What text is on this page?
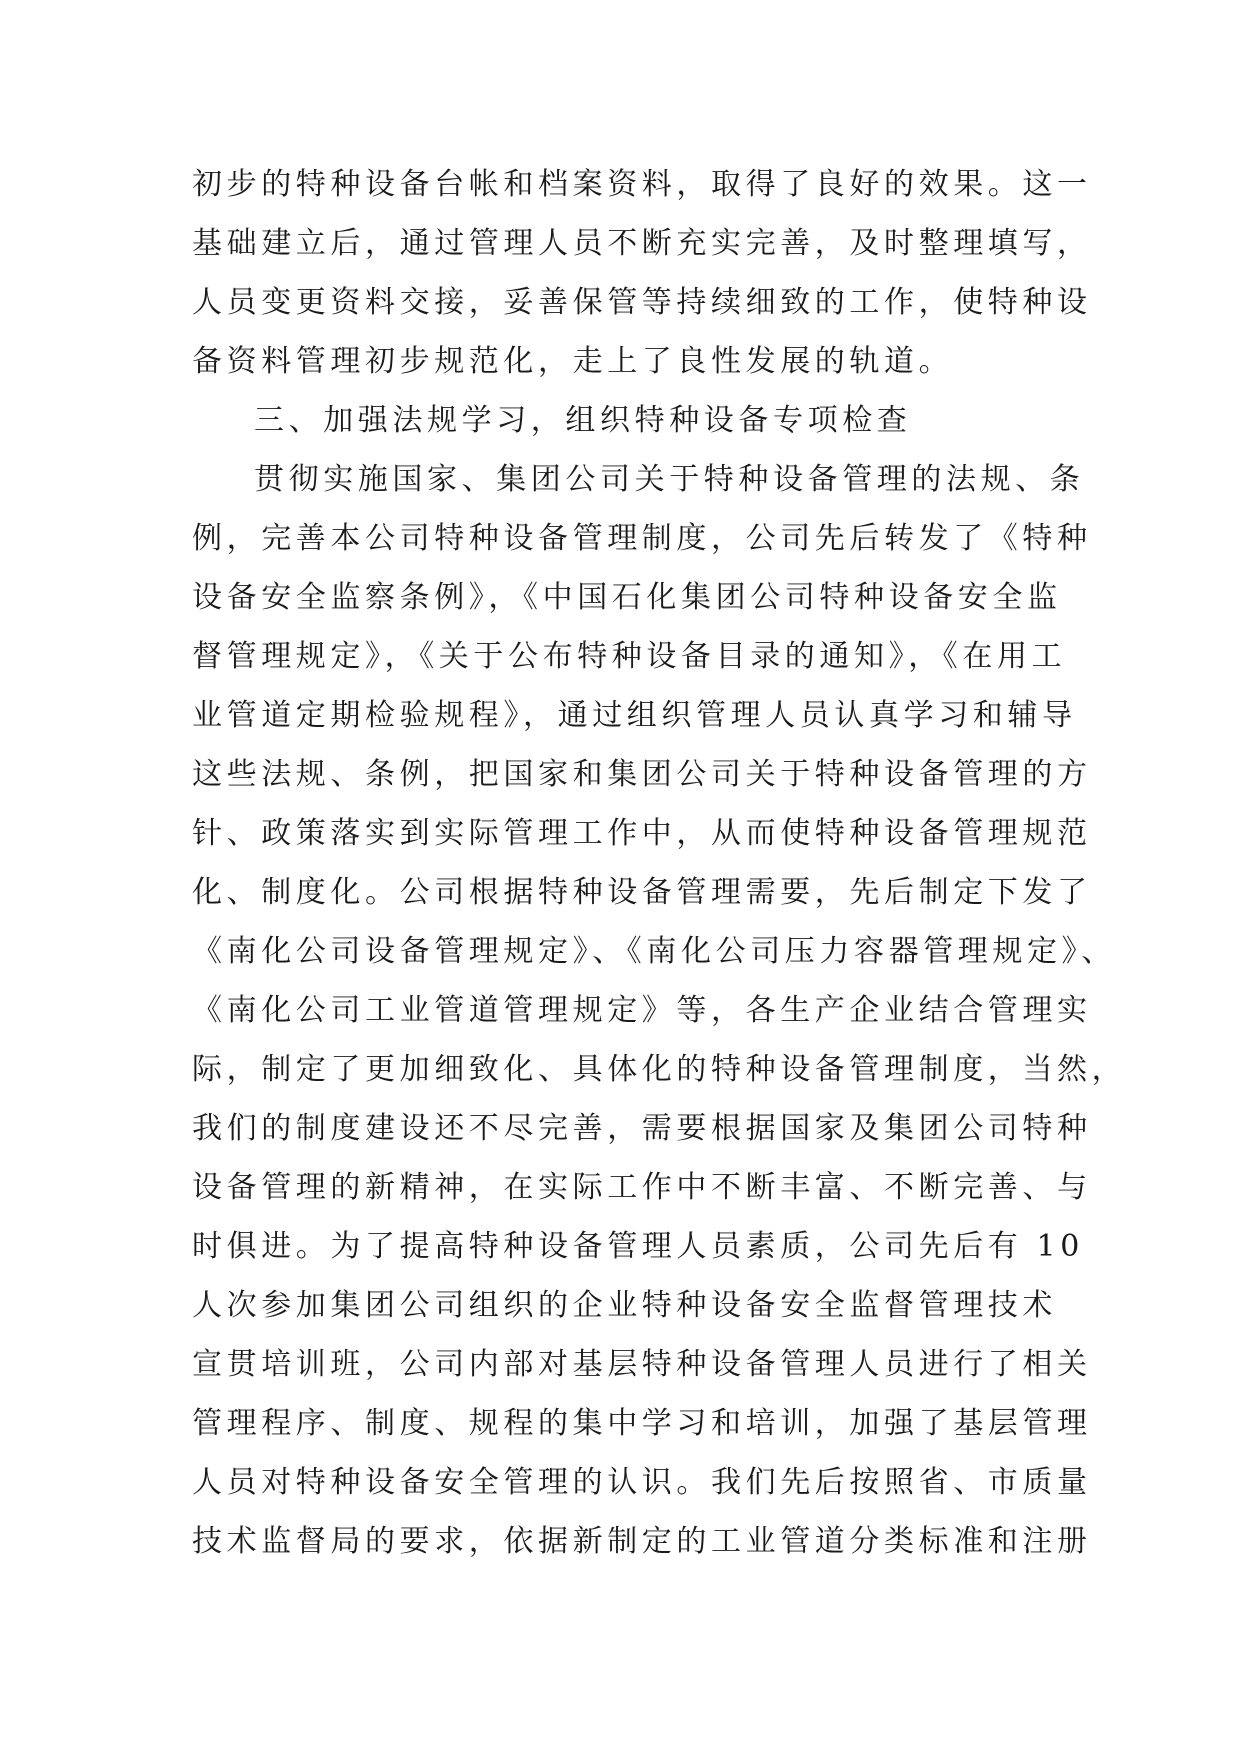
初步的特种设备台帐和档案资料，取得了良好的效果。这一
基础建立后，通过管理人员不断充实完善，及时整理填写，
人员变更资料交接，妥善保管等持续细致的工作，使特种设
备资料管理初步规范化，走上了良性发展的轨道。
三、加强法规学习，组织特种设备专项检查
贯彻实施国家、集团公司关于特种设备管理的法规、条
例，完善本公司特种设备管理制度，公司先后转发了《特种
设备安全监察条例》，《中国石化集团公司特种设备安全监
督管理规定》，《关于公布特种设备目录的通知》，《在用工
业管道定期检验规程》，通过组织管理人员认真学习和辅导
这些法规、条例，把国家和集团公司关于特种设备管理的方
针、政策落实到实际管理工作中，从而使特种设备管理规范
化、制度化。公司根据特种设备管理需要，先后制定下发了
《南化公司设备管理规定》、《南化公司压力容器管理规定》、
《南化公司工业管道管理规定》等，各生产企业结合管理实
际，制定了更加细致化、具体化的特种设备管理制度，当然，
我们的制度建设还不尽完善，需要根据国家及集团公司特种
设备管理的新精神，在实际工作中不断丰富、不断完善、与
时俱进。为了提高特种设备管理人员素质，公司先后有 10
人次参加集团公司组织的企业特种设备安全监督管理技术
宣贯培训班，公司内部对基层特种设备管理人员进行了相关
管理程序、制度、规程的集中学习和培训，加强了基层管理
人员对特种设备安全管理的认识。我们先后按照省、市质量
技术监督局的要求，依据新制定的工业管道分类标准和注册
